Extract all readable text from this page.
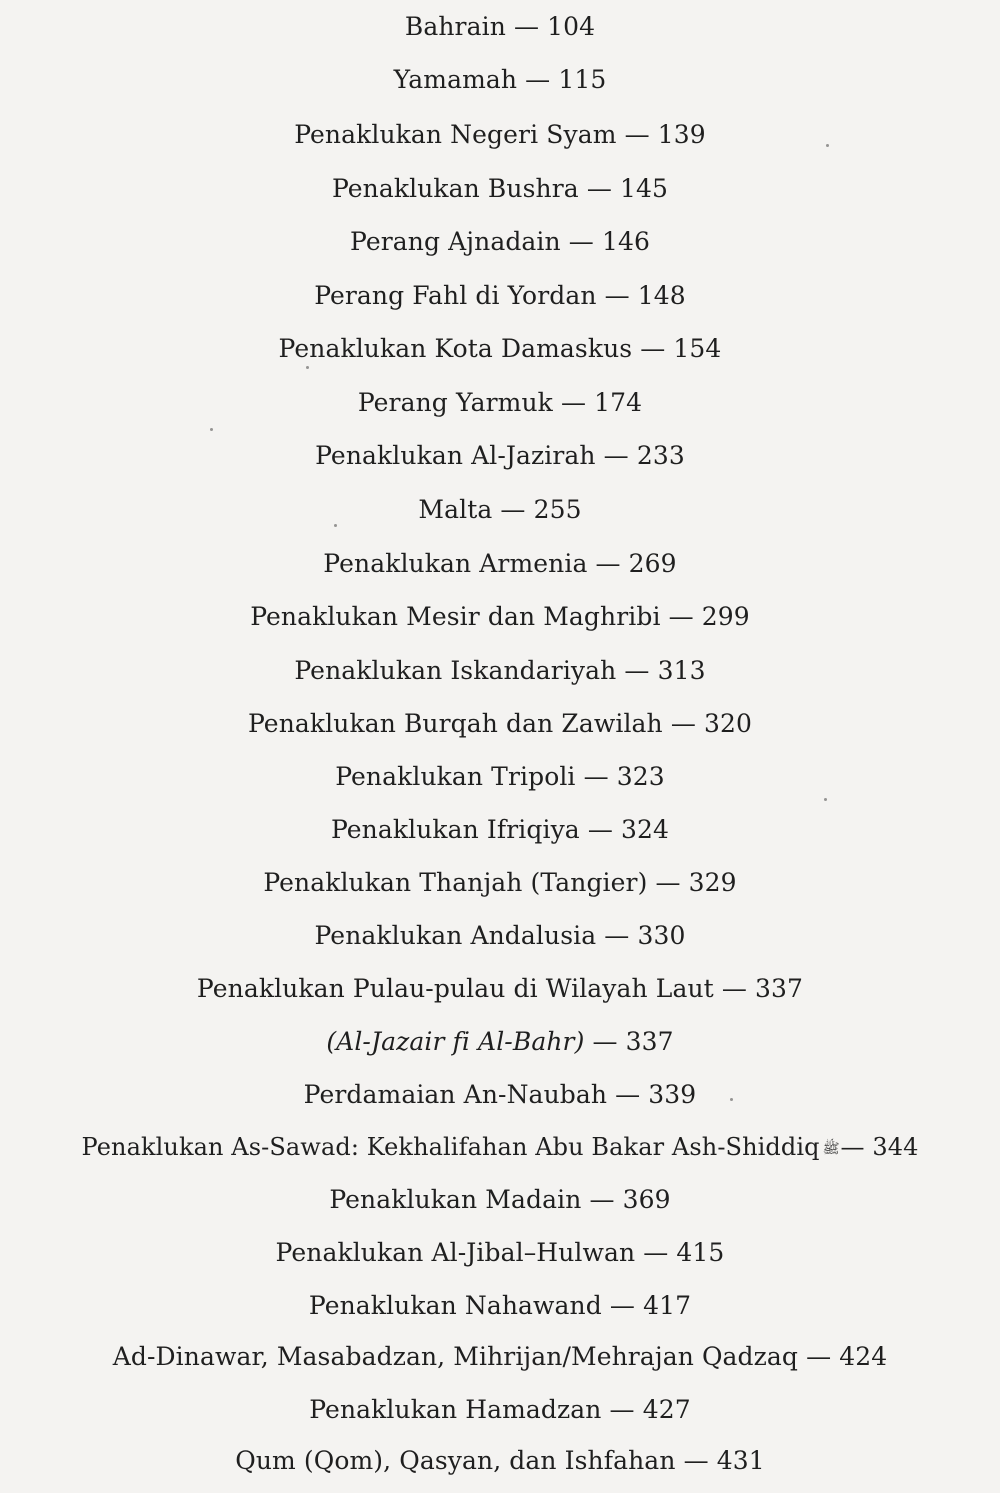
Bahrain — 104
Yamamah — 115
Penaklukan Negeri Syam — 139
Penaklukan Bushra — 145
Perang Ajnadain — 146
Perang Fahl di Yordan — 148
Penaklukan Kota Damaskus — 154
Perang Yarmuk — 174
Penaklukan Al-Jazirah — 233
Malta — 255
Penaklukan Armenia — 269
Penaklukan Mesir dan Maghribi — 299
Penaklukan Iskandariyah — 313
Penaklukan Burqah dan Zawilah — 320
Penaklukan Tripoli — 323
Penaklukan Ifriqiya — 324
Penaklukan Thanjah (Tangier) — 329
Penaklukan Andalusia — 330
Penaklukan Pulau-pulau di Wilayah Laut — 337
(Al-Jazair fi Al-Bahr) — 337
Perdamaian An-Naubah — 339
Penaklukan As-Sawad: Kekhalifahan Abu Bakar Ash-Shiddiq ﷺ— 344
Penaklukan Madain — 369
Penaklukan Al-Jibal–Hulwan — 415
Penaklukan Nahawand — 417
Ad-Dinawar, Masabadzan, Mihrijan/Mehrajan Qadzaq — 424
Penaklukan Hamadzan — 427
Qum (Qom), Qasyan, dan Ishfahan — 431
